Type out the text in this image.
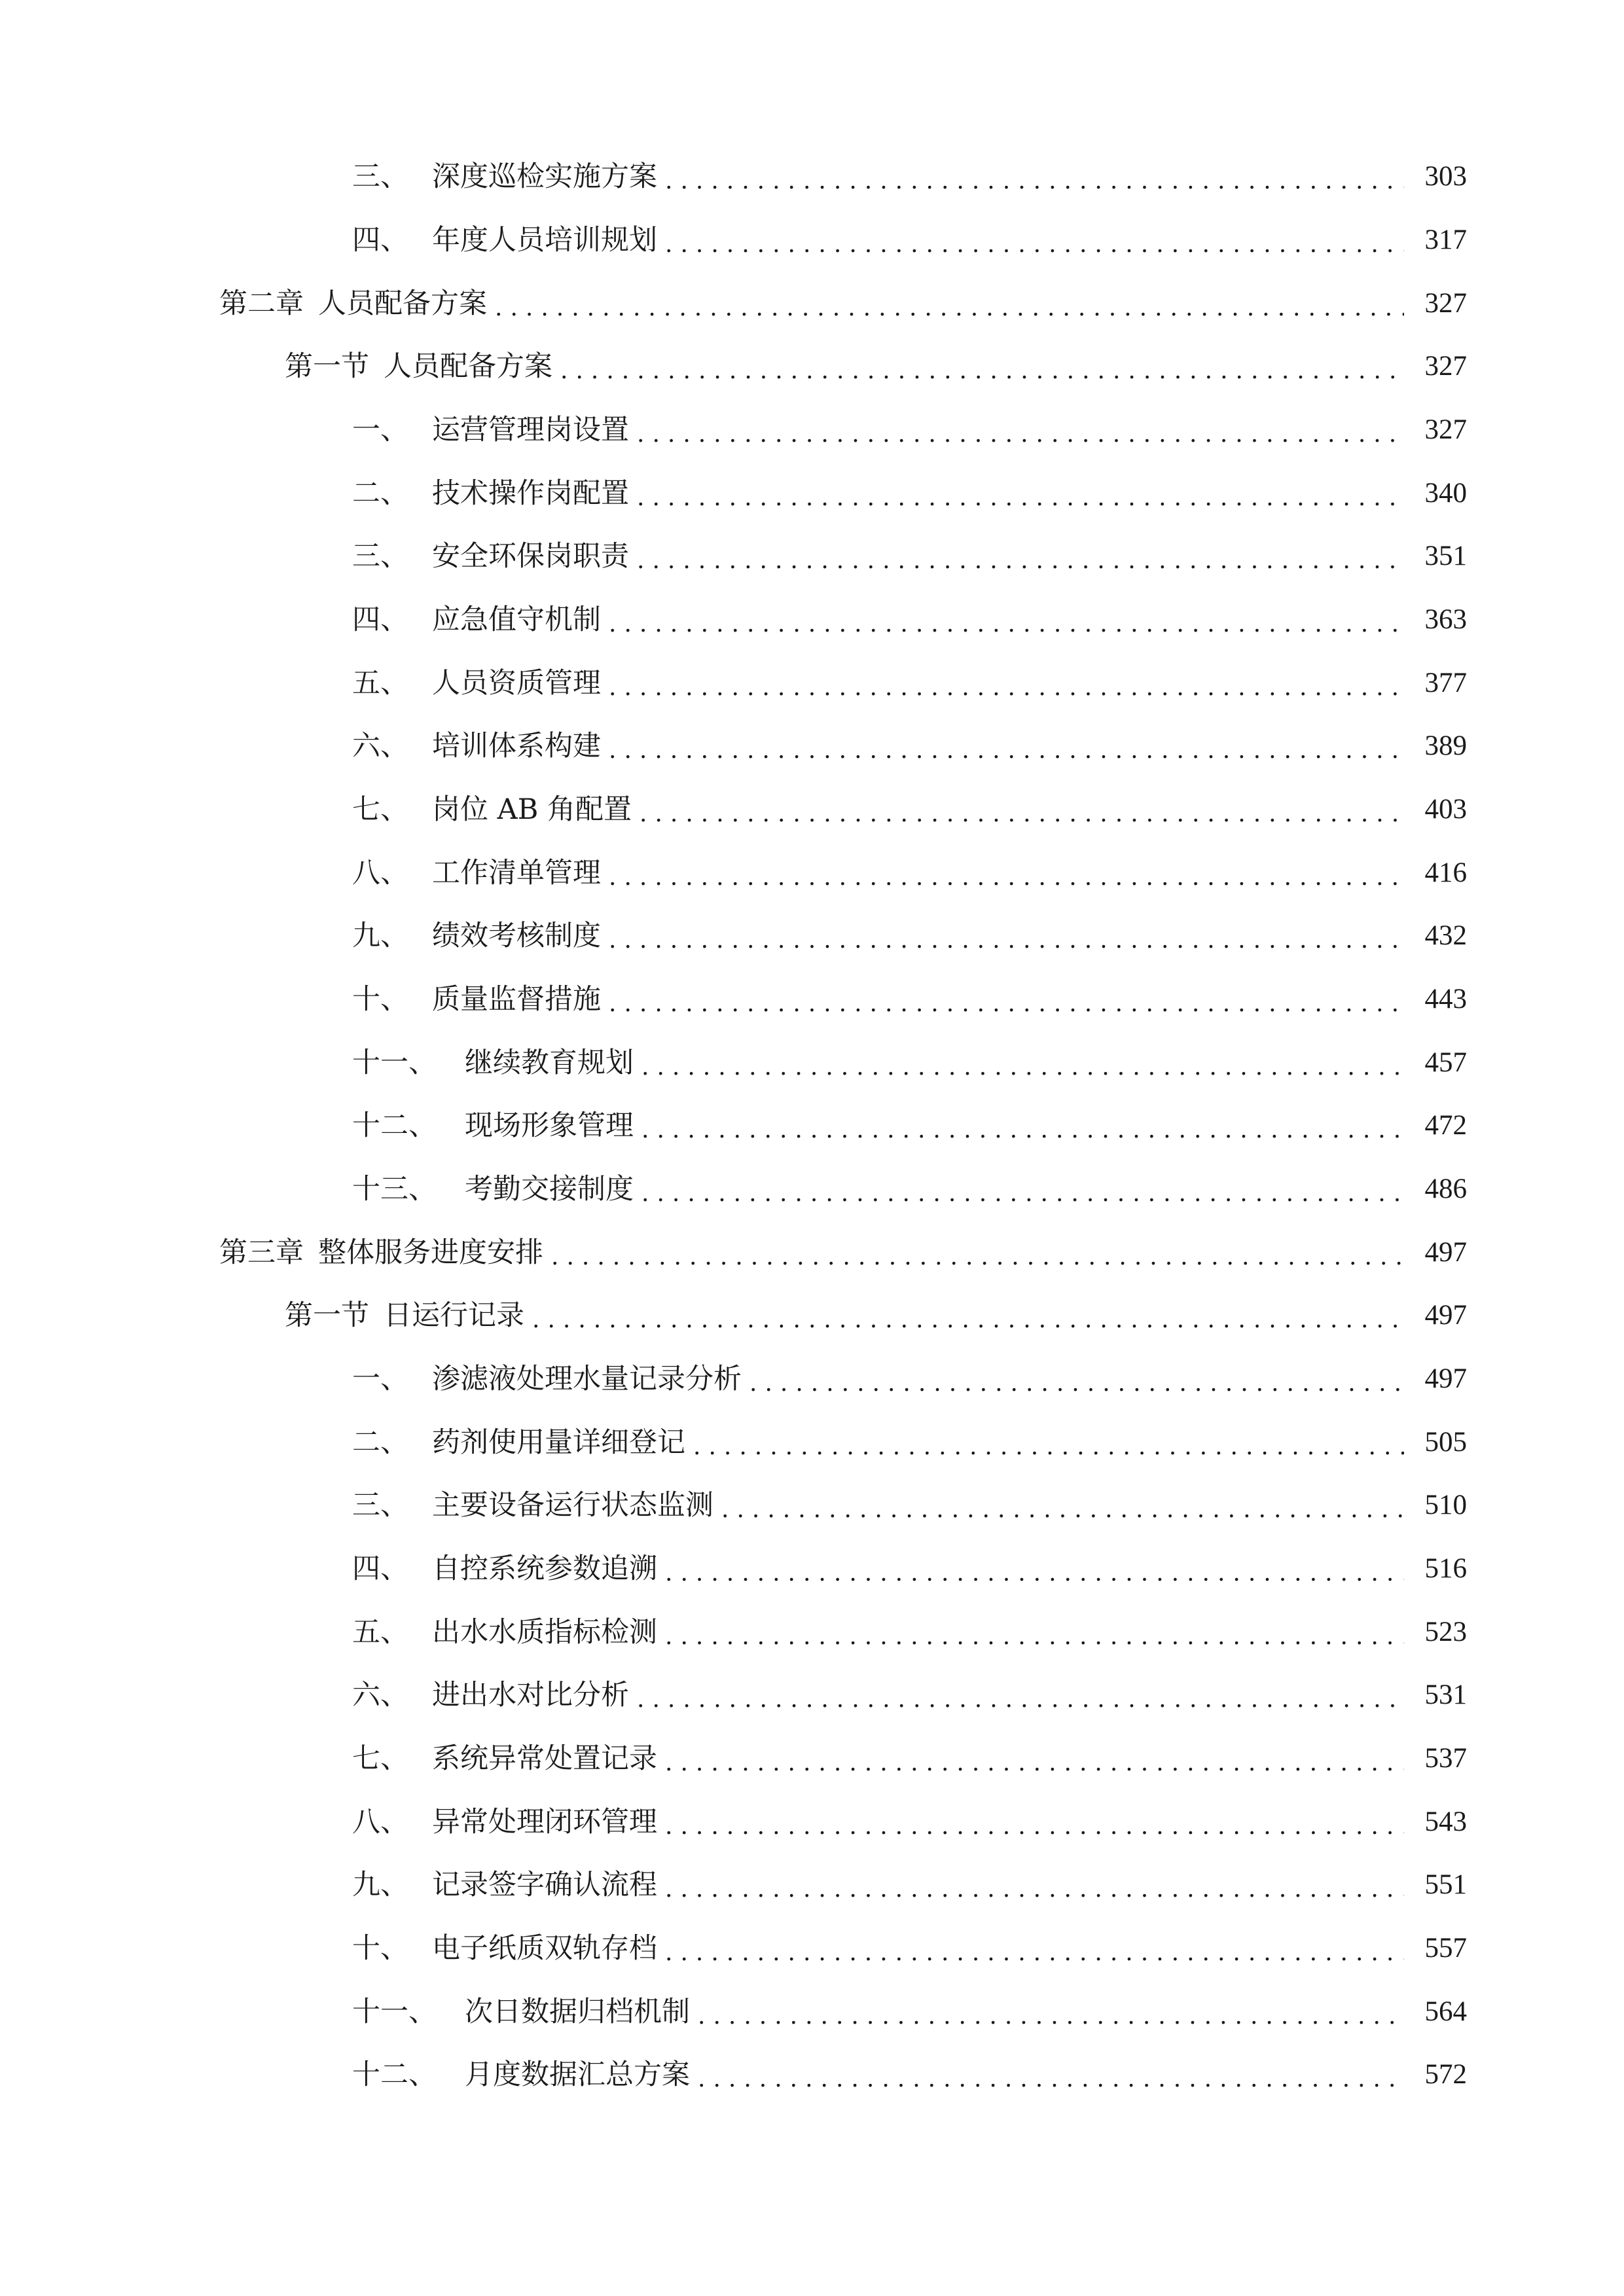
三、 深度巡检实施方案 .....	303
四、 年度人员培训规划 .....	317
第二章 人员配备方案 .....	327
第一节 人员配备方案 .....	327
一、 运营管理岗设置 .....	327
二、 技术操作岗配置 .....	340
三、 安全环保岗职责 .....	351
四、 应急值守机制 .....	363
五、 人员资质管理 .....	377
六、 培训体系构建 .....	389
七、 岗位 AB 角配置 .....	403
八、 工作清单管理 .....	416
九、 绩效考核制度 .....	432
十、 质量监督措施 .....	443
十一、	继续教育规划 .....	457
十二、	现场形象管理 .....	472
十三、	考勤交接制度 .....	486
第三章 整体服务进度安排 .....	497
第一节 日运行记录 .....	497
一、 渗滤液处理水量记录分析 .....	497
二、 药剂使用量详细登记 .....	505
三、 主要设备运行状态监测 .....	510
四、 自控系统参数追溯 .....	516
五、 出水水质指标检测 .....	523
六、 进出水对比分析 .....	531
七、 系统异常处置记录 .....	537
八、 异常处理闭环管理 .....	543
九、 记录签字确认流程 .....	551
十、 电子纸质双轨存档 .....	557
十一、	次日数据归档机制 .....	564
十二、	月度数据汇总方案 .....	572
